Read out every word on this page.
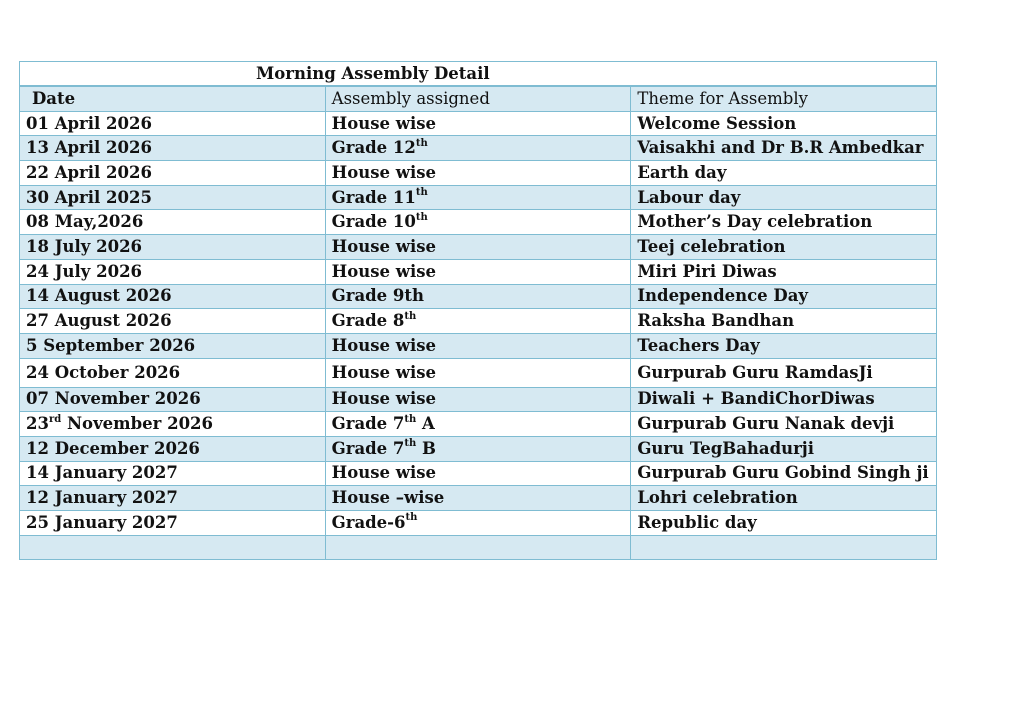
Morning Assembly Detail		
Date	Assembly assigned	Theme for Assembly
01 April 2026	House wise	Welcome Session
13 April 2026	Grade 12th	Vaisakhi and Dr B.R Ambedkar
22 April 2026	House wise	Earth day
30 April 2025	Grade 11th	Labour day
08 May,2026	Grade 10th	Mother’s Day celebration
18 July 2026	House wise	Teej celebration
24 July 2026	House wise	Miri Piri Diwas
14 August 2026	Grade 9th	Independence Day
27 August 2026	Grade 8th	Raksha Bandhan
5 September 2026	House wise	Teachers Day
24 October 2026	House wise	Gurpurab Guru RamdasJi
07 November 2026	House wise	Diwali + BandiChorDiwas
23rd November 2026	Grade 7th A	Gurpurab Guru Nanak devji
12 December 2026	Grade 7th B	Guru TegBahadurji
14 January 2027	House wise	Gurpurab Guru Gobind Singh ji
12 January 2027	House –wise	Lohri celebration
25 January 2027	Grade-6th	Republic day
